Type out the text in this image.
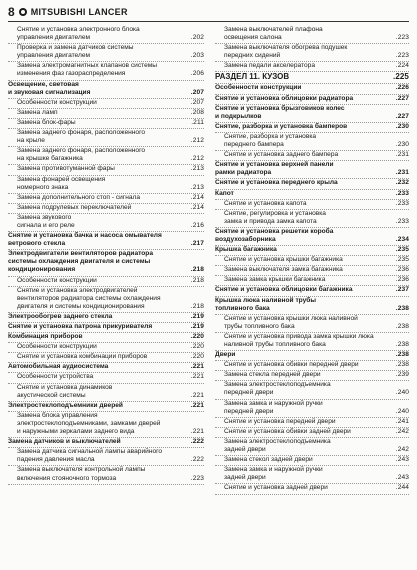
8 MITSUBISHI LANCER
Снятие и установка электронного блока
управления двигателем	.202
Проверка и замена датчиков системы
управления двигателем	.203
Замена электромагнитных клапанов системы
изменения фаз газораспределения	.206
Освещение, световая
и звуковая сигнализация	.207
Особенности конструкции	.207
Замена ламп	.208
Замена блок-фары	.211
Замена заднего фонаря, расположенного
на крыле	.212
Замена заднего фонаря, расположенного
на крышке багажника	.212
Замена противотуманной фары	.213
Замена фонарей освещения
номерного знака	.213
Замена дополнительного стоп - сигнала	.214
Замена подрулевых переключателей	.214
Замена звукового
сигнала и его реле	.216
Снятие и установка бачка и насоса омывателя
ветрового стекла	.217
Электродвигатели вентиляторов радиатора
системы охлаждения двигателя и системы
кондиционирования	.218
Особенности конструкции	.218
Снятие и установка электродвигателей
вентиляторов радиатора системы охлаждения
двигателя и системы кондиционирования	.218
Электрообогрев заднего стекла	.219
Снятие и установка патрона прикуривателя	.219
Комбинация приборов	.220
Особенности конструкции	.220
Снятие и установка комбинации приборов	.220
Автомобильная аудиосистема	.221
Особенности устройства	.221
Снятие и установка динамиков
акустической системы	.221
Электростеклоподъемники дверей	.221
Замена блока управления
электростеклоподъемниками, замками дверей
и наружными зеркалами заднего вида	.221
Замена датчиков и выключателей	.222
Замена датчика сигнальной лампы аварийного
падения давления масла	.222
Замена выключателя контрольной лампы
включения стояночного тормоза	.223
Замена выключателей плафона
освещения салона	.223
Замена выключателя обогрева подушек
передних сидений	.223
Замена педали акселератора	.224
РАЗДЕЛ 11. КУЗОВ	.225
Особенности конструкции	.226
Снятие и установка облицовки радиатора	.227
Снятие и установка брызговиков колес
и подкрылков	.227
Снятие, разборка и установка бамперов	.230
Снятие, разборка и установка
переднего бампера	.230
Снятие и установка заднего бампера	.231
Снятие и установка верхней панели
рамки радиатора	.231
Снятие и установка переднего крыла	.232
Капот	.233
Снятие и установка капота	.233
Снятие, регулировка и установка
замка и привода замка капота	.233
Снятие и установка решетки короба
воздухозаборника	.234
Крышка багажника	.235
Снятие и установка крышки багажника	.235
Замена выключателя замка багажника	.236
Замена замка крышки багажника	.236
Снятие и установка облицовки багажника	.237
Крышка люка наливной трубы
топливного бака	.238
Снятие и установка крышки люка наливной
трубы топливного бака	.238
Снятие и установка привода замка крышки люка
наливной трубы топливного бака	.238
Двери	.238
Снятие и установка обивки передней двери	.238
Замена стекла передней двери	.239
Замена электростеклоподъемника
передней двери	.240
Замена замка и наружной ручки
передней двери	.240
Снятие и установка передней двери	.241
Снятие и установка обивки задней двери	.242
Замена электростеклоподъемника
задней двери	.242
Замена стекол задней двери	.243
Замена замка и наружной ручки
задней двери	.243
Снятие и установка задней двери	.244
